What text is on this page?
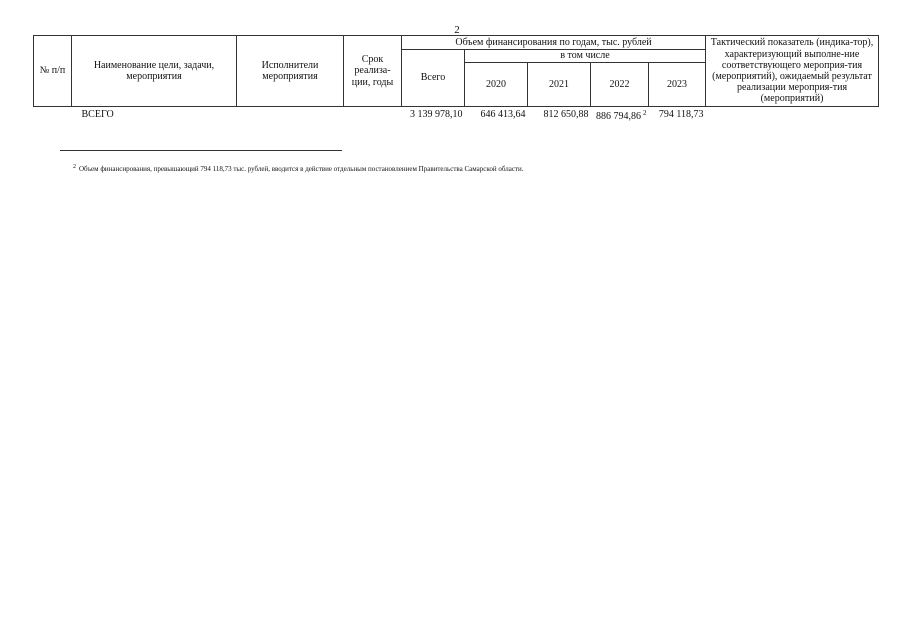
2
№ п/п	Наименование цели, задачи, мероприятия	Исполнители мероприятия	Срок реализа-ции, годы	Объем финансирования по годам, тыс. рублей					Тактический показатель (индика-тор), характеризующий выполне-ние соответствующего мероприя-тия (мероприятий), ожидаемый результат реализации мероприя-тия (мероприятий)
				Всего	в том числе				
					2020	2021	2022	2023	
	ВСЕГО			3 139 978,10	646 413,64	812 650,88	886 794,86 $^2$	794 118,73	
$^2$ Объем финансирования, превышающий 794 118,73 тыс. рублей, вводится в действие отдельным постановлением Правительства Самарской области.
